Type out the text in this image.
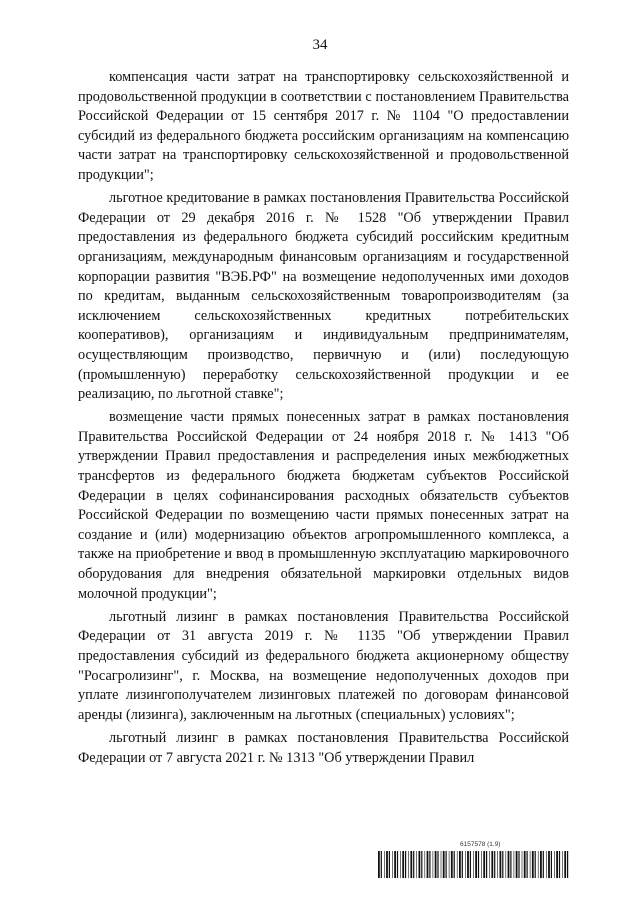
34

компенсация части затрат на транспортировку сельскохозяйственной и продовольственной продукции в соответствии с постановлением Правительства Российской Федерации от 15 сентября 2017 г. № 1104 "О предоставлении субсидий из федерального бюджета российским организациям на компенсацию части затрат на транспортировку сельскохозяйственной и продовольственной продукции";

льготное кредитование в рамках постановления Правительства Российской Федерации от 29 декабря 2016 г. № 1528 "Об утверждении Правил предоставления из федерального бюджета субсидий российским кредитным организациям, международным финансовым организациям и государственной корпорации развития "ВЭБ.РФ" на возмещение недополученных ими доходов по кредитам, выданным сельскохозяйственным товаропроизводителям (за исключением сельскохозяйственных кредитных потребительских кооперативов), организациям и индивидуальным предпринимателям, осуществляющим производство, первичную и (или) последующую (промышленную) переработку сельскохозяйственной продукции и ее реализацию, по льготной ставке";

возмещение части прямых понесенных затрат в рамках постановления Правительства Российской Федерации от 24 ноября 2018 г. № 1413 "Об утверждении Правил предоставления и распределения иных межбюджетных трансфертов из федерального бюджета бюджетам субъектов Российской Федерации в целях софинансирования расходных обязательств субъектов Российской Федерации по возмещению части прямых понесенных затрат на создание и (или) модернизацию объектов агропромышленного комплекса, а также на приобретение и ввод в промышленную эксплуатацию маркировочного оборудования для внедрения обязательной маркировки отдельных видов молочной продукции";

льготный лизинг в рамках постановления Правительства Российской Федерации от 31 августа 2019 г. № 1135 "Об утверждении Правил предоставления субсидий из федерального бюджета акционерному обществу "Росагролизинг", г. Москва, на возмещение недополученных доходов при уплате лизингополучателем лизинговых платежей по договорам финансовой аренды (лизинга), заключенным на льготных (специальных) условиях";

льготный лизинг в рамках постановления Правительства Российской Федерации от 7 августа 2021 г. № 1313 "Об утверждении Правил

6157578 (1.9)
